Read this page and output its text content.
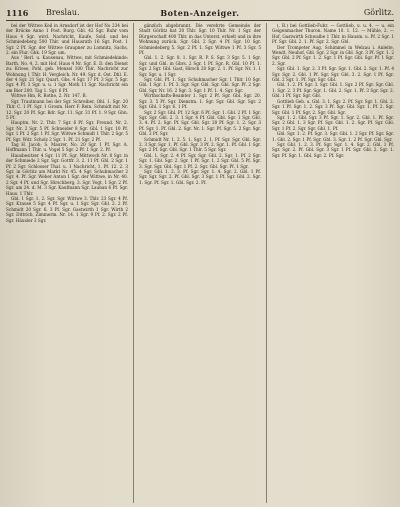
1116 Breslau.	Boten-Anzeiger.	Görlitz.

bei der Wittwe Keil in Arnsdorf ist der Hof No 234 bei der Brücke Anno 1 Post. Burg. Gbl. 42 Sgr. Ruhr vom Haus 4 Sgr. wird. Nachricht, Kaufe, Sold. und bei Schmiedeberg 500 Thlr. und Hausrath 16 Sgr. Post. 1 Sgr. 2 Pf. Sgr. der Wittwe Graupner zu Lomnitz, Sachs, 2. ein Flur. Gbk. 19 Sgr. um.

Aus ' Berl. u. Kausenau, Wittwe, mit Schmiedekinde: Barth, No. 4, 2. mit Hof. Haus 4 Nr. Sgr. E. D. den Dienst zu: Kriese, Pohl, geb. Menzel 100 Thlr. Nachricht zur Wohnung 1 Thlr. H. Vergleich. Nr. 49. Sgr. d. Ost. Dhl. E. der 4 Sgr. 21 Sgr. Quart. Gbs. 4 Sgr. 17 Pf. 3 Sgr. 5 Sgr. Sgr. 4 Pf. 3 Sgr. u. u. 1 Sgr. Moth 11 Sgr. Nachricht ein am Bier 200. Tag 1. Sgr. 6 Pf.

Wittwe Hm, R. Rothe, 2. Nr. 147. B.

Sgr. Trautmann bei der Sgr. Schreiber, Ohl. 1. Sgr. 20 Thlr. C. 1 Pf. Sgr. 1 Grosm. Herr F. Rein. Schmidt mit Nr. 12. Sgr. 20 Pf. Sgr. Bdr. Sgr. 11. Sgr. 31 Pf. 1. 9 Sgr. Gbn. 5 Pf.

Hauptm. Nr. 2. Thlr. 7 Sgr. 6 Pf. Sgr. Freund. Nr. 2. Sgr. Nr. 2 Sgr. 5 Pf. Schneider 8 Sgr. Gbl. 1 Sgr. 10 Pf. Sgr. 1 Pf. 2 Sgr. 1 Pf. Sgr. Wittwe Schmidt 1 Thlr. 2 Sgr. 5 Pf. Sgr. Wdr. Scholz 2 Sgr. 1. Pf. 21 Sgr. 2 Pf.

Tag H. Jacob, S. Maurer, No. 20 Sgr. 1 Pf. Sgr. A. Hoffmann 1 Thlr. u. Vogel 5 Sgr. 2 Pf. 1 Sgr. 2. Pf.

Hausbesitzer 4 Sgr. 11 Pf. Sgr. Mittwoch Nr. 8 Sgr. in der Schmiede 2 Sgr. Sgr. Gottfr. 3. 2. 11 Pf. Gbl. 2 Sgr. 1 Pf. 2 Sgr. Schlosser Thal. u. 1 Nachricht, 1. Pf. 12. 2. 3 Sgr. in Görlitz am Markt Nr. 45. 4 Sgr. Schuhmacher 2 Sgr. 4. Pf. Sgr. Weber Anton 1 Sgr. der Wittwe, in Nr. 40. 2 Sgr. 4 Pf. und Sgr. Hirschberg, 3. Sgr. Vogt, 1 Sgr. 2 Pf. Sgr. am 24. d. M. 3 Sgr. Kaufmann Sgr. Lauban 6 Pf. Sgr. Haus. 1 Thlr.

Gbl. 1 Sgr. 1. 2. Sgr. Sgr. Wittwe 3. Thlr. 23 Sgr. 4 Pf. Sgr. Krause 5 Sgr. 4 Pf. Sgr. u. 1 Sgr. Sgr. Gbl. 2. 2 Pf. Schmidt 20 Sgr. 6. 3 Pf. Sgr. Gastwirth 1 Sgr. Wirth 2 Sgr. Dittrich, Zimmerm. Nr. 14. 1 Sgr. 9 Pf. 2. Sgr. 2 Pf. Sgr. Häusler 3 Sgr.

gänzlich abgebrannt. Die verehrte Gemeinde der Stadt Görlitz hat 20 Thlr. Sgr. 10 Thlr. Nr. 1 Sgr. der Bürgerschaft 400 Thlr. in das Unterst. erhielt und in ihre Wohnung zurück. Sgr. Gbl. 2 Sgr. 4 Pf. Sgr. 10 Sgr. Schmiedeberg 5. Sgr. 2 Pf. 1. Sgr. Wittwe 1 Pf. 3 Sgr. 5 Pf.

Gbl. 1. 2. Sgr. 8. 1. Sgr. R. P. S. Sgr. 3 Sgr. 5. 1 Sgr. Sgr. und Gbl. in Gbrs. 2 Sgr. 1 Pf. Sgr. R. Gbl. 10 Pf. 1. Sgr. 2 Sgr. Gbl. Gast, Hirsch 20 Sgr. 2. 1. Pf. Sgr. Nr. 1. 1 Sgr. Sgr. u. 1 Sgr.

Sgr. Gbl. Pf. 1. Sgr. Schuhmacher Sgr. 1 Thlr. 10 Sgr. Gbl. 1 Sgr. 1. Pf. 3. Sgr. Sgr. Gbl. Sgr. Gbl. Sgr. Pf. 2 Sgr. Gbl. Sgr. Nr. 16. 2 Sgr. 3. Sgr. 1 Pf. 1. 4. Sgr. Sgr.

Wirthschafts-Beamter 1. Sgr. 2 Pf. Sgr. Gbl. Sgr. 20. Sgr. 3. 5 Pf. Sgr. Dienstm. 1. Sgr. Sgr. Gbl. Sgr. Sgr. 2 Sgr. Gbl. 1 Sgr. 6. 1 Pf.

Sgr. 2 Sgr. Gbl. Pf. 12 Sgr. 6 Pf. Sgr. 1. Gbl. 2 Pf. 1 Sgr. Sgr. Sgr. Gbl. 2. 3. 1 Sgr. 4 Pf. Gbl. Gbl. Sgr. 1 Sgr. Gbl. 3. 4. Pf. 2. Sgr. Pf. Sgr. Gbl. Sgr. 20 Pf. Sgr. 1. 2. Sgr. 3 Pf. Sgr. 1. Pf. Gbl. 2. Sgr. Nr. 1. Sgr. Pf. Sgr. 5. 2 Sgr. Sgr. Gbl. 2 Pf. Sgr.

Schmidt Nr. 1. 2. 5. 1. Sgr. 2. 1. Pf. Sgr. Sgr. Gbl. Sgr. 2. 3 Sgr. Sgr. 1. Pf. Gbl. Sgr. 3 Pf. 2. Sgr. 1. Pf. Gbl. 1 Sgr. Sgr. 2 Pf. Sgr. Gbl. Sgr. 1 Thlr. 5 Sgr. Sgr.

Gbl. 1. Sgr. 2. 4 Pf. Sgr. Sgr. Gbl. 2. Sgr. 1. Pf. 2 Sgr. Sgr. 1. Gbl. Sgr. 2. Sgr. 1 Pf. Sgr. 1. 2 Sgr. Gbl. 5 Pf. Sgr. 3. Sgr. Sgr. Gbl. Sgr. 1 Pf. 2. Sgr. Gbl. Sgr. Pf. 1 Sgr.

Sgr. Gbl. 1. 2. 3. Pf. Sgr. Sgr. 1. 4. Sgr. 2. Gbl. 1 Pf. Sgr. Sgr. Sgr. 2. Pf. Gbl. Sgr. 3 Sgr. 1 Pf. Sgr. Gbl. 2. Sgr. 1. Sgr. Pf. Sgr. 1. Gbl. Sgr. 2. Pf.

(. B.) bei Gottlieb-Fuhr. — Gottlieb, u. u. 4. — u. ein Geigenmacher Thuron. Name 10. 1. 12. — Mühle, 2. — Hof, Gastwirth Schwalbe 1 Thlr. in Hausm. u. Pf. 2 Sgr. 1 Pf. Sgr. Gbl. 2. 1. Pf. Sgr. 2. Sgr. Gbl.

Der Trompeter Aug. Schimmel in Welzau i. Anleite, Wendt, Neuhof, Gbl. Sgr. 2 Sgr. in Gbl. Sgr. 3 Pf. Sgr. 1. 2 Sgr. Gbl. 2 Pf. Sgr. 1. 2. Sgr. 1 Pf. Sgr. Gbl. Sgr. Pf. 1 Sgr. 2. Sgr.

Sgr. Gbl. 1. Sgr. 2. 3 Pf. Sgr. Sgr. 1. Gbl. 2. Sgr. 1. Pf. 4 Sgr. Sgr. 2. Gbl. 1 Pf. Sgr. Sgr. Gbl. 3. 2. Sgr. 1 Pf. Sgr. Gbl. 2 Sgr. 1. Pf. Sgr. Sgr. Gbl.

Gbl. 1. 2. Pf. Sgr. 3. Sgr. Gbl. 1. Sgr. 2 Pf. Sgr. Sgr. Gbl. 1. Sgr. 2. 3 Pf. Sgr. Sgr. 1. Gbl. 2. Sgr. 1. Pf. 3 Sgr. Sgr. 2. Gbl. 1 Pf. Sgr. Sgr. Gbl.

Gottlieb Geb. u. Gbl. 3. 1. Sgr. 2. Pf. Sgr. Sgr. 1. Gbl. 2. Sgr. 1 Pf. Sgr. 1. 2. Sgr. 3 Pf. Sgr. Gbl. Sgr. 1. Pf. 2. Sgr. Sgr. Gbl. 1 Pf. Sgr. 2. Sgr. Gbl. Sgr.

Sgr. 1. 2. Gbl. Sgr. 3 Pf. Sgr. 1. Sgr. 2. Gbl. 1. Pf. Sgr. Sgr. 2 Gbl. 1. 3 Sgr. Pf. Sgr. Gbl. 1. 2. Sgr. Pf. Sgr. Gbl. Sgr. 1 Pf. 2. Sgr. Sgr. Gbl. 1. Pf.

Gbl. Sgr. 1. 2. Pf. Sgr. 3. Sgr. Gbl. 1. 2 Sgr. Pf. Sgr. Sgr. 1. Gbl. 2. Sgr. 1 Pf. Sgr. Gbl. 3. Sgr. 1. 2 Pf. Sgr. Gbl. Sgr.

Sgr. Gbl. 1. 2. 3. Pf. Sgr. Sgr. 1. 4. Sgr. 2. Gbl. 1 Pf. Sgr. Sgr. 2. Pf. Gbl. Sgr. 3 Sgr. 1 Pf. Sgr. Gbl. 2. Sgr. 1. Sgr. Pf. Sgr. 1. Gbl. Sgr. 2. Pf. Sgr.
